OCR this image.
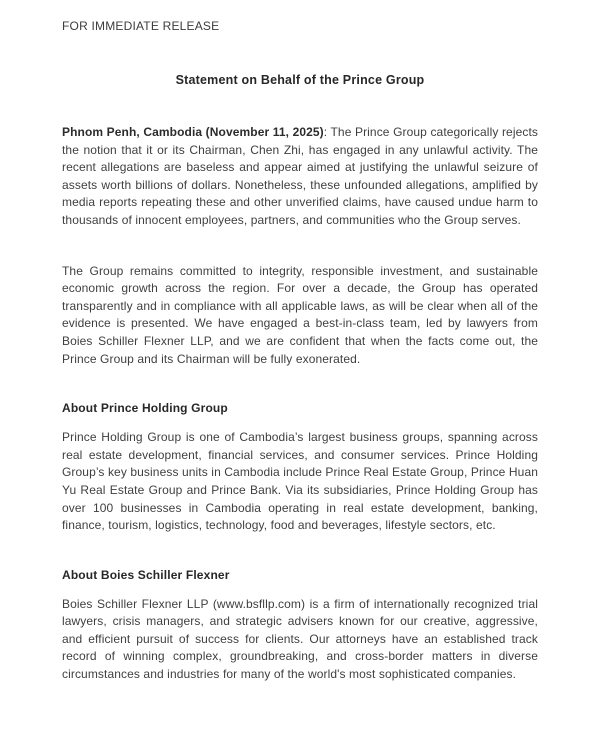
FOR IMMEDIATE RELEASE
Statement on Behalf of the Prince Group

Phnom Penh, Cambodia (November 11, 2025): The Prince Group categorically rejects the notion that it or its Chairman, Chen Zhi, has engaged in any unlawful activity. The recent allegations are baseless and appear aimed at justifying the unlawful seizure of assets worth billions of dollars. Nonetheless, these unfounded allegations, amplified by media reports repeating these and other unverified claims, have caused undue harm to thousands of innocent employees, partners, and communities who the Group serves.

The Group remains committed to integrity, responsible investment, and sustainable economic growth across the region. For over a decade, the Group has operated transparently and in compliance with all applicable laws, as will be clear when all of the evidence is presented. We have engaged a best-in-class team, led by lawyers from Boies Schiller Flexner LLP, and we are confident that when the facts come out, the Prince Group and its Chairman will be fully exonerated.

About Prince Holding Group

Prince Holding Group is one of Cambodia’s largest business groups, spanning across real estate development, financial services, and consumer services. Prince Holding Group’s key business units in Cambodia include Prince Real Estate Group, Prince Huan Yu Real Estate Group and Prince Bank. Via its subsidiaries, Prince Holding Group has over 100 businesses in Cambodia operating in real estate development, banking, finance, tourism, logistics, technology, food and beverages, lifestyle sectors, etc.

About Boies Schiller Flexner

Boies Schiller Flexner LLP (www.bsfllp.com) is a firm of internationally recognized trial lawyers, crisis managers, and strategic advisers known for our creative, aggressive, and efficient pursuit of success for clients. Our attorneys have an established track record of winning complex, groundbreaking, and cross-border matters in diverse circumstances and industries for many of the world's most sophisticated companies.
